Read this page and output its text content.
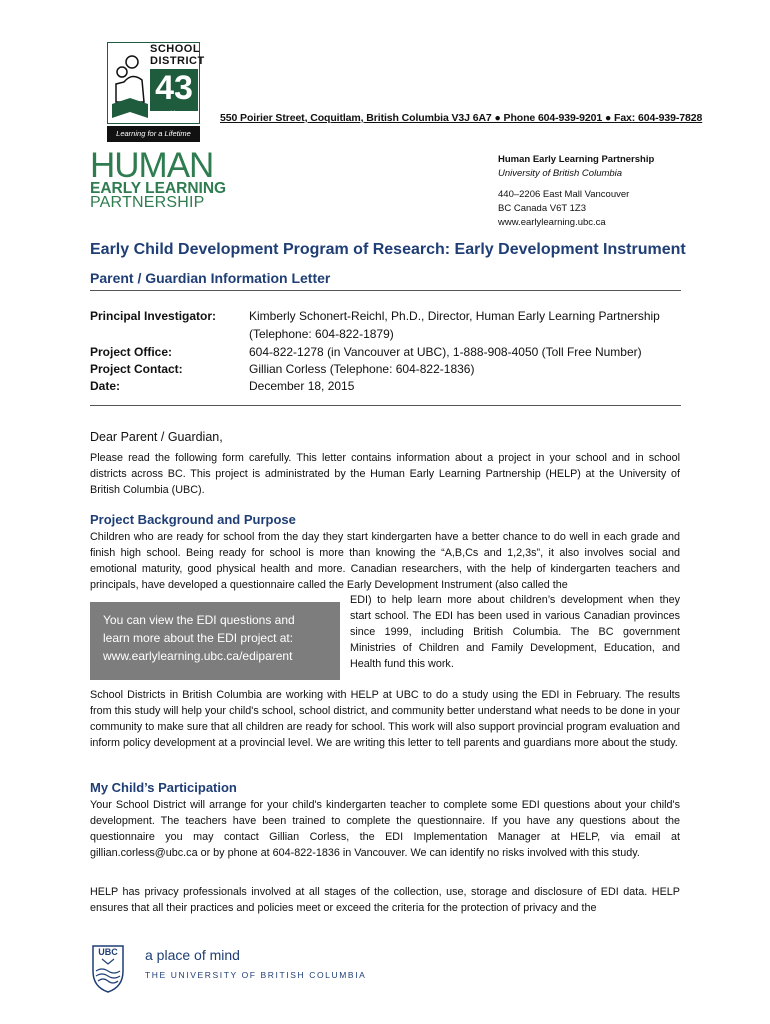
SCHOOL
DISTRICT
43
Coquitlam
Learning for a Lifetime
550 Poirier Street, Coquitlam, British Columbia V3J 6A7 ● Phone 604-939-9201 ● Fax: 604-939-7828
HUMAN
EARLY LEARNING
PARTNERSHIP
Human Early Learning Partnership
University of British Columbia
440–2206 East Mall Vancouver
BC Canada V6T 1Z3
www.earlylearning.ubc.ca
Early Child Development Program of Research: Early Development Instrument
Parent / Guardian Information Letter
Principal Investigator:	Kimberly Schonert-Reichl, Ph.D., Director, Human Early Learning Partnership
(Telephone: 604-822-1879)
Project Office:	604-822-1278 (in Vancouver at UBC), 1-888-908-4050 (Toll Free Number)
Project Contact:	Gillian Corless (Telephone: 604-822-1836)
Date:	December 18, 2015
Dear Parent / Guardian,

Please read the following form carefully. This letter contains information about a project in your school and in school districts across BC. This project is administrated by the Human Early Learning Partnership (HELP) at the University of British Columbia (UBC).

Project Background and Purpose

Children who are ready for school from the day they start kindergarten have a better chance to do well in each grade and finish high school. Being ready for school is more than knowing the “A,B,Cs and 1,2,3s”, it also involves social and emotional maturity, good physical health and more. Canadian researchers, with the help of kindergarten teachers and principals, have developed a questionnaire called the Early Development Instrument (also called the

You can view the EDI questions and
learn more about the EDI project at:
www.earlylearning.ubc.ca/ediparent

EDI) to help learn more about children’s development when they start school. The EDI has been used in various Canadian provinces since 1999, including British Columbia. The BC government Ministries of Children and Family Development, Education, and Health fund this work.

School Districts in British Columbia are working with HELP at UBC to do a study using the EDI in February. The results from this study will help your child's school, school district, and community better understand what needs to be done in your community to make sure that all children are ready for school. This work will also support provincial program evaluation and inform policy development at a provincial level. We are writing this letter to tell parents and guardians more about the study.

My Child’s Participation

Your School District will arrange for your child's kindergarten teacher to complete some EDI questions about your child's development. The teachers have been trained to complete the questionnaire. If you have any questions about the questionnaire you may contact Gillian Corless, the EDI Implementation Manager at HELP, via email at gillian.corless@ubc.ca or by phone at 604-822-1836 in Vancouver. We can identify no risks involved with this study.

HELP has privacy professionals involved at all stages of the collection, use, storage and disclosure of EDI data. HELP ensures that all their practices and policies meet or exceed the criteria for the protection of privacy and the

UBC	a place of mind
THE UNIVERSITY OF BRITISH COLUMBIA
